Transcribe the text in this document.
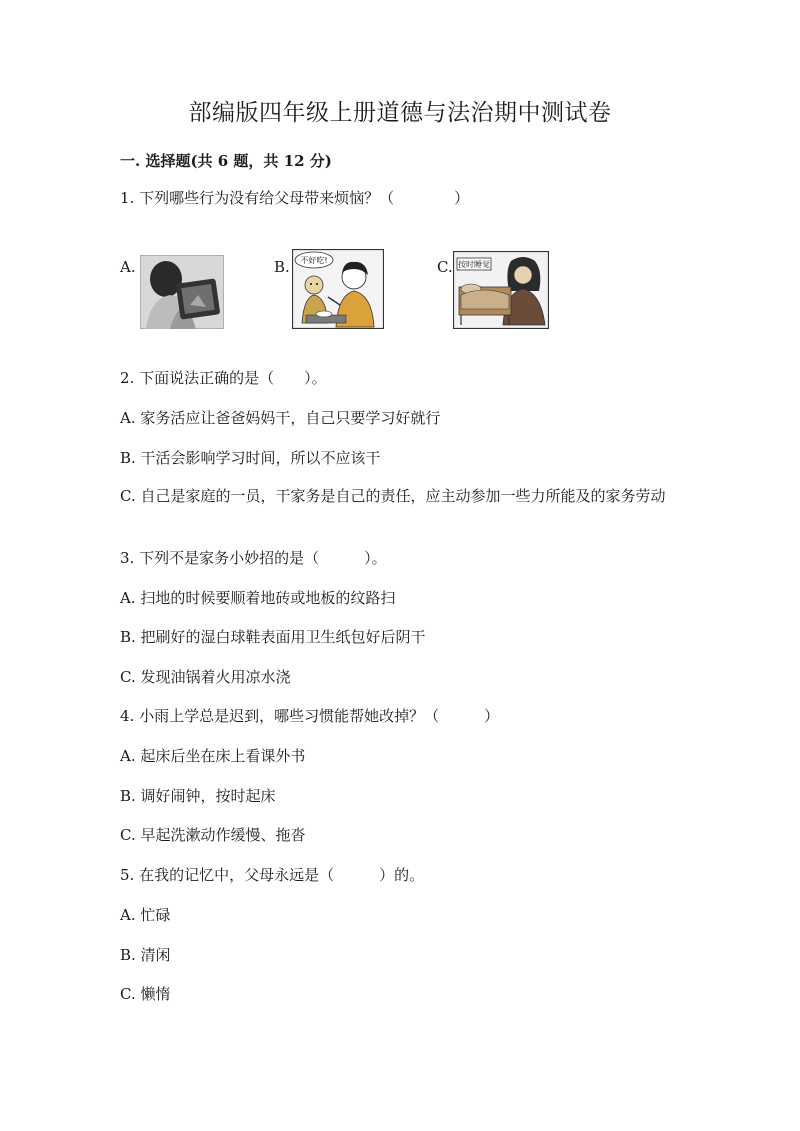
部编版四年级上册道德与法治期中测试卷
一. 选择题(共 6 题，共 12 分)
1. 下列哪些行为没有给父母带来烦恼？（　　　　）
A.	B. 不好吃!	C. 按时睡觉
2. 下面说法正确的是（　　）。
A. 家务活应让爸爸妈妈干，自己只要学习好就行
B. 干活会影响学习时间，所以不应该干
C. 自己是家庭的一员，干家务是自己的责任，应主动参加一些力所能及的家务劳动
3. 下列不是家务小妙招的是（　　　）。
A. 扫地的时候要顺着地砖或地板的纹路扫
B. 把刷好的湿白球鞋表面用卫生纸包好后阴干
C. 发现油锅着火用凉水浇
4. 小雨上学总是迟到，哪些习惯能帮她改掉？（　　　）
A. 起床后坐在床上看课外书
B. 调好闹钟，按时起床
C. 早起洗漱动作缓慢、拖沓
5. 在我的记忆中，父母永远是（　　　）的。
A. 忙碌
B. 清闲
C. 懒惰
